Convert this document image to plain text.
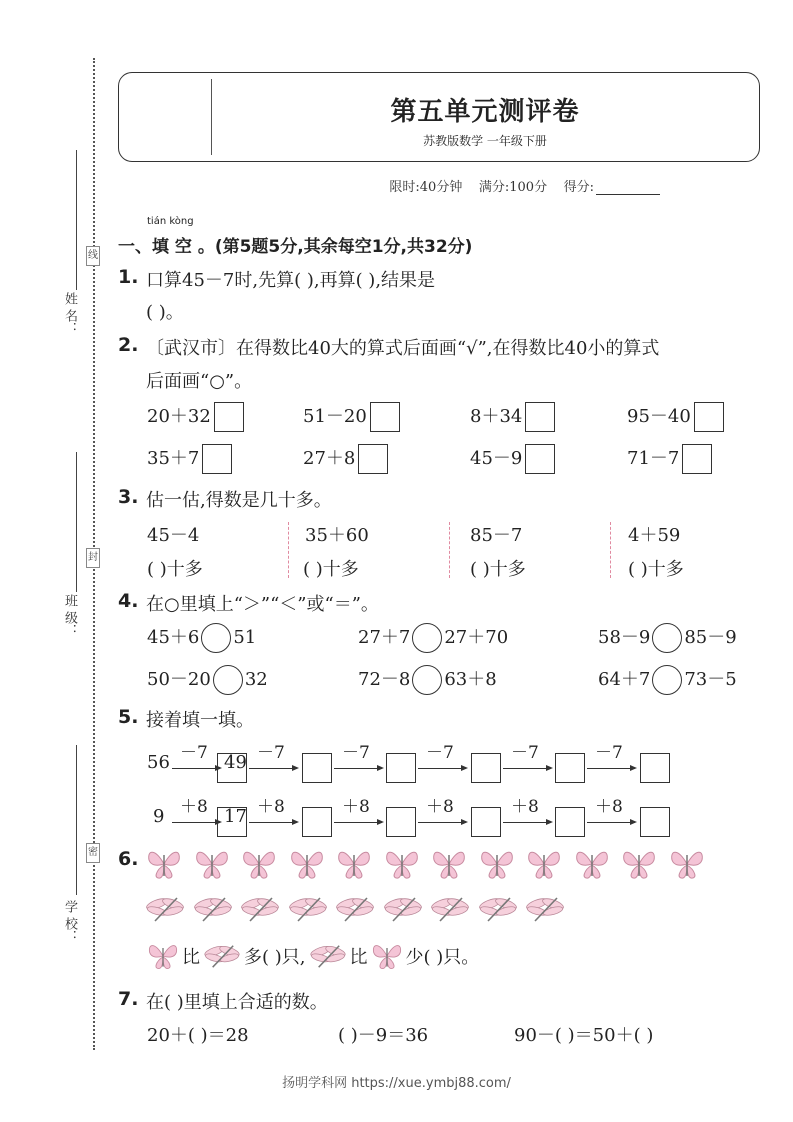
线
封
密
姓 名：
班 级：
学 校：
第五单元测评卷
苏教版数学 一年级下册
限时:40分钟 满分:100分 得分:
tián kòng
一、填 空 。(第5题5分,其余每空1分,共32分)
1. 口算45－7时,先算( ),再算( ),结果是
( )。
2. 〔武汉市〕在得数比40大的算式后面画“√”,在得数比40小的算式
后面画“○”。
20＋32	51－20	8＋34	95－40
35＋7	27＋8	45－9	71－7
3. 估一估,得数是几十多。
45－4	35＋60	85－7	4＋59
( )十多	( )十多	( )十多	( )十多
4. 在○里填上“＞”“＜”或“＝”。
45＋6 51	27＋7 27＋70	58－9 85－9
50－20 32	72－8 63＋8	64＋7 73－5
5. 接着填一填。
56 －7 49 －7	－7	－7	－7	－7
9 ＋8 17 ＋8	＋8	＋8	＋8	＋8
6.
比 多( )只, 比 少( )只。
7. 在( )里填上合适的数。
20＋( )＝28	( )－9＝36	90－( )＝50＋( )
扬明学科网 https://xue.ymbj88.com/
